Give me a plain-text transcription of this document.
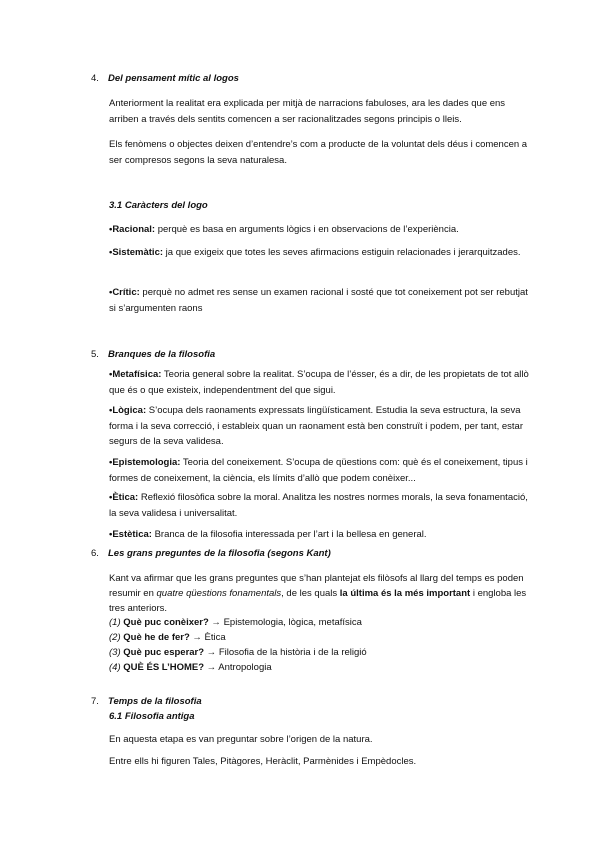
4. Del pensament mític al logos
Anteriorment la realitat era explicada per mitjà de narracions fabuloses, ara les dades que ens arriben a través dels sentits comencen a ser racionalitzades segons principis o lleis.
Els fenòmens o objectes deixen d’entendre’s com a producte de la voluntat dels déus i comencen a ser compresos segons la seva naturalesa.
3.1 Caràcters del logo
•Racional: perquè es basa en arguments lògics i en observacions de l’experiència.
•Sistemàtic: ja que exigeix que totes les seves afirmacions estiguin relacionades i jerarquitzades.
•Crític: perquè no admet res sense un examen racional i sosté que tot coneixement pot ser rebutjat si s’argumenten raons
5. Branques de la filosofia
•Metafísica: Teoria general sobre la realitat. S’ocupa de l’ésser, és a dir, de les propietats de tot allò que és o que existeix, independentment del que sigui.
•Lògica: S’ocupa dels raonaments expressats lingüísticament. Estudia la seva estructura, la seva forma i la seva correcció, i estableix quan un raonament està ben construït i podem, per tant, estar segurs de la seva validesa.
•Epistemologia: Teoria del coneixement. S’ocupa de qüestions com: què és el coneixement, tipus i formes de coneixement, la ciència, els límits d’allò que podem conèixer...
•Ètica: Reflexió filosòfica sobre la moral. Analitza les nostres normes morals, la seva fonamentació, la seva validesa i universalitat.
•Estètica: Branca de la filosofia interessada per l’art i la bellesa en general.
6. Les grans preguntes de la filosofia (segons Kant)
Kant va afirmar que les grans preguntes que s’han plantejat els filòsofs al llarg del temps es poden resumir en quatre qüestions fonamentals, de les quals la última és la més important i engloba les tres anteriors.
(1) Què puc conèixer? → Epistemologia, lògica, metafísica
(2) Què he de fer? → Ètica
(3) Què puc esperar? → Filosofia de la història i de la religió
(4) QUÈ ÉS L’HOME? → Antropologia
7. Temps de la filosofia
6.1 Filosofia antiga
En aquesta etapa es van preguntar sobre l’origen de la natura.
Entre ells hi figuren Tales, Pitàgores, Heràclit, Parmènides i Empèdocles.
